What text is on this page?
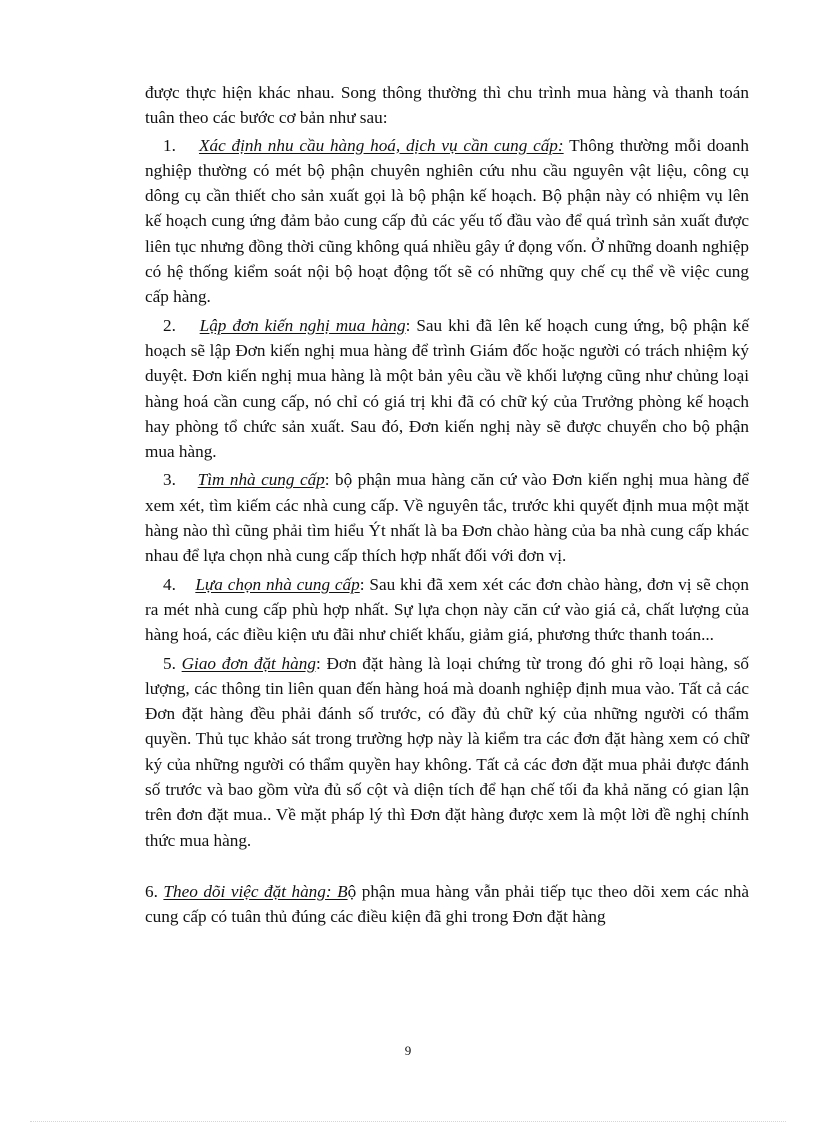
được thực hiện khác nhau. Song thông thường thì chu trình mua hàng và thanh toán tuân theo các bước cơ bản như sau:

1. Xác định nhu cầu hàng hoá, dịch vụ cần cung cấp: Thông thường mỗi doanh nghiệp thường có mét bộ phận chuyên nghiên cứu nhu cầu nguyên vật liệu, công cụ dông cụ cần thiết cho sản xuất gọi là bộ phận kế hoạch. Bộ phận này có nhiệm vụ lên kế hoạch cung ứng đảm bảo cung cấp đủ các yếu tố đầu vào để quá trình sản xuất được liên tục nhưng đồng thời cũng không quá nhiều gây ứ đọng vốn. Ở những doanh nghiệp có hệ thống kiểm soát nội bộ hoạt động tốt sẽ có những quy chế cụ thể về việc cung cấp hàng.

2. Lập đơn kiến nghị mua hàng: Sau khi đã lên kế hoạch cung ứng, bộ phận kế hoạch sẽ lập Đơn kiến nghị mua hàng để trình Giám đốc hoặc người có trách nhiệm ký duyệt. Đơn kiến nghị mua hàng là một bản yêu cầu về khối lượng cũng như chủng loại hàng hoá cần cung cấp, nó chỉ có giá trị khi đã có chữ ký của Trưởng phòng kế hoạch hay phòng tổ chức sản xuất. Sau đó, Đơn kiến nghị này sẽ được chuyển cho bộ phận mua hàng.

3. Tìm nhà cung cấp: bộ phận mua hàng căn cứ vào Đơn kiến nghị mua hàng để xem xét, tìm kiếm các nhà cung cấp. Về nguyên tắc, trước khi quyết định mua một mặt hàng nào thì cũng phải tìm hiểu Ýt nhất là ba Đơn chào hàng của ba nhà cung cấp khác nhau để lựa chọn nhà cung cấp thích hợp nhất đối với đơn vị.

4. Lựa chọn nhà cung cấp: Sau khi đã xem xét các đơn chào hàng, đơn vị sẽ chọn ra mét nhà cung cấp phù hợp nhất. Sự lựa chọn này căn cứ vào giá cả, chất lượng của hàng hoá, các điều kiện ưu đãi như chiết khấu, giảm giá, phương thức thanh toán...

5. Giao đơn đặt hàng: Đơn đặt hàng là loại chứng từ trong đó ghi rõ loại hàng, số lượng, các thông tin liên quan đến hàng hoá mà doanh nghiệp định mua vào. Tất cả các Đơn đặt hàng đều phải đánh số trước, có đầy đủ chữ ký của những người có thẩm quyền. Thủ tục khảo sát trong trường hợp này là kiểm tra các đơn đặt hàng xem có chữ ký của những người có thẩm quyền hay không. Tất cả các đơn đặt mua phải được đánh số trước và bao gồm vừa đủ số cột và diện tích để hạn chế tối đa khả năng có gian lận trên đơn đặt mua.. Về mặt pháp lý thì Đơn đặt hàng được xem là một lời đề nghị chính thức mua hàng.

6. Theo dõi việc đặt hàng: Bộ phận mua hàng vẫn phải tiếp tục theo dõi xem các nhà cung cấp có tuân thủ đúng các điều kiện đã ghi trong Đơn đặt hàng

9
